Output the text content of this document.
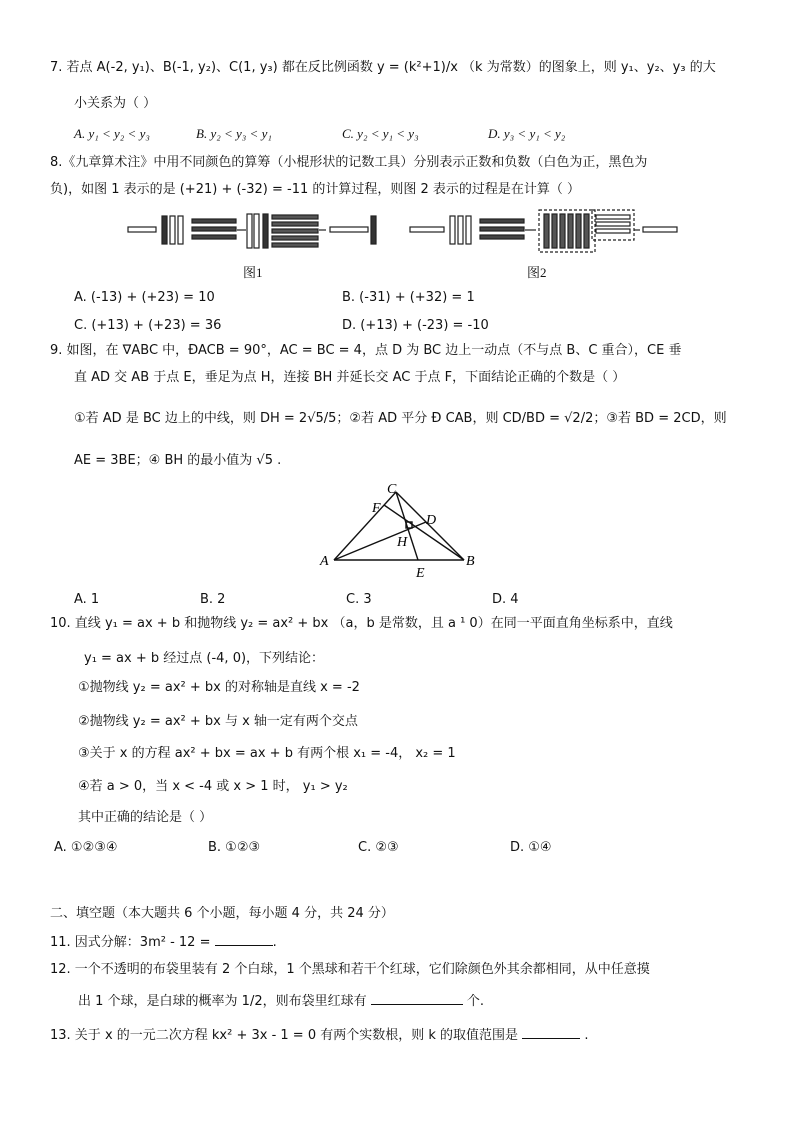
7. 若点 A(-2, y₁)、B(-1, y₂)、C(1, y₃) 都在反比例函数 y = (k²+1)/x （k 为常数）的图象上，则 y₁、y₂、y₃ 的大
小关系为（ ）
A. y₁ < y₂ < y₃	B. y₂ < y₃ < y₁	C. y₂ < y₁ < y₃	D. y₃ < y₁ < y₂
8.《九章算术注》中用不同颜色的算筹（小棍形状的记数工具）分别表示正数和负数（白色为正，黑色为
负)，如图 1 表示的是 (+21) + (-32) = -11 的计算过程，则图 2 表示的过程是在计算（ ）
图1	图2
A. (-13) + (+23) = 10	B. (-31) + (+32) = 1
C. (+13) + (+23) = 36	D. (+13) + (-23) = -10
9. 如图，在 ∇ABC 中，ÐACB = 90°，AC = BC = 4，点 D 为 BC 边上一动点（不与点 B、C 重合），CE 垂
直 AD 交 AB 于点 E，垂足为点 H，连接 BH 并延长交 AC 于点 F，下面结论正确的个数是（ ）
①若 AD 是 BC 边上的中线，则 DH = 2√5/5；②若 AD 平分 Ð CAB，则 CD/BD = √2/2；③若 BD = 2CD，则
AE = 3BE；④ BH 的最小值为 √5 .
C
F
D
H
A
E
B
A. 1	B. 2	C. 3	D. 4
10. 直线 y₁ = ax + b 和抛物线 y₂ = ax² + bx （a，b 是常数，且 a ¹ 0）在同一平面直角坐标系中，直线
y₁ = ax + b 经过点 (-4, 0)，下列结论：
①抛物线 y₂ = ax² + bx 的对称轴是直线 x = -2
②抛物线 y₂ = ax² + bx 与 x 轴一定有两个交点
③关于 x 的方程 ax² + bx = ax + b 有两个根 x₁ = -4， x₂ = 1
④若 a > 0，当 x < -4 或 x > 1 时， y₁ > y₂
其中正确的结论是（ ）
A. ①②③④	B. ①②③	C. ②③	D. ①④
二、填空题（本大题共 6 个小题，每小题 4 分，共 24 分）
11. 因式分解：3m² - 12 =	.
12. 一个不透明的布袋里装有 2 个白球，1 个黑球和若干个红球，它们除颜色外其余都相同，从中任意摸
出 1 个球，是白球的概率为 1/2，则布袋里红球有	个.
13. 关于 x 的一元二次方程 kx² + 3x - 1 = 0 有两个实数根，则 k 的取值范围是	.
